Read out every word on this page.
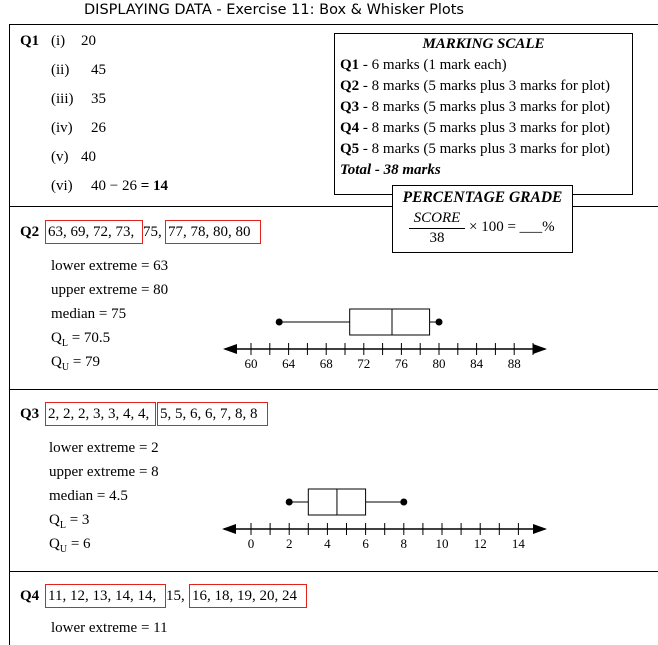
DISPLAYING DATA - Exercise 11: Box & Whisker Plots
Q1 (i) 20
(ii) 45
(iii) 35
(iv) 26
(v) 40
(vi) 40 − 26 = 14
MARKING SCALE
Q1 - 6 marks (1 mark each)
Q2 - 8 marks (5 marks plus 3 marks for plot)
Q3 - 8 marks (5 marks plus 3 marks for plot)
Q4 - 8 marks (5 marks plus 3 marks for plot)
Q5 - 8 marks (5 marks plus 3 marks for plot)
Total - 38 marks
PERCENTAGE GRADE
SCORE
38
× 100 = ___%
Q2 63, 69, 72, 73, 75, 77, 78, 80, 80
lower extreme = 63
upper extreme = 80
median = 75
$Q_L = 70.5$
$Q_U = 79$	60 64 68 72 76 80 84 88
0 2 4 6 8 10 12 14
Q3 2, 2, 2, 3, 3, 4, 4, 5, 5, 6, 6, 7, 8, 8
lower extreme = 2
upper extreme = 8
median = 4.5
$Q_L = 3$
$Q_U = 6$
Q4 11, 12, 13, 14, 14, 15, 16, 18, 19, 20, 24
lower extreme = 11
